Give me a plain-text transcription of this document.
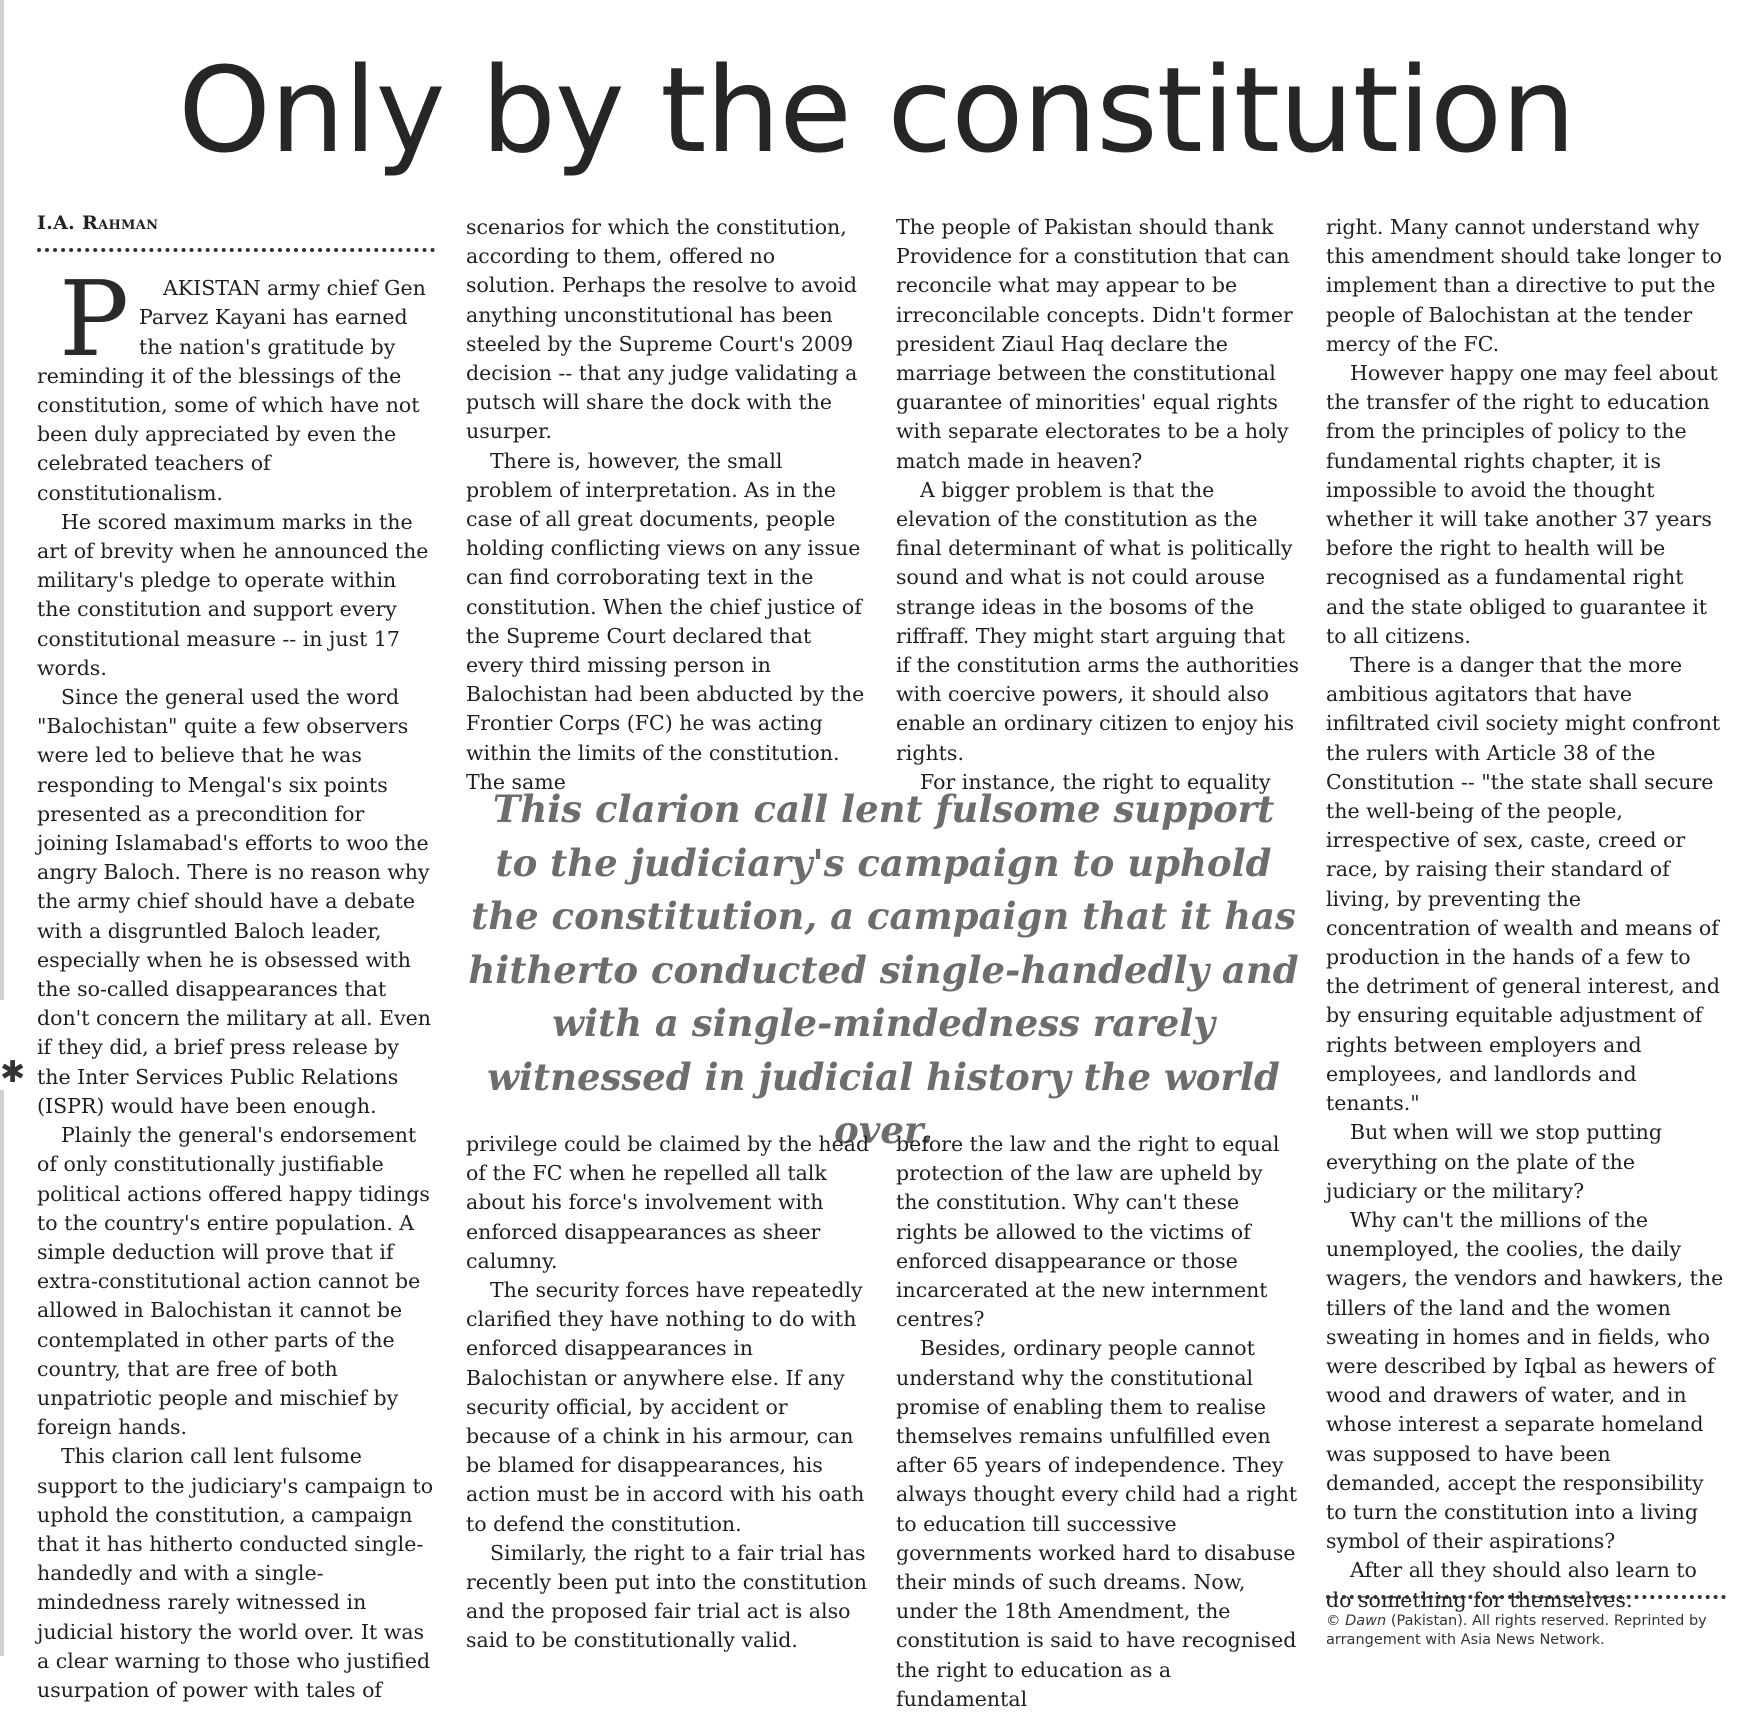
✱
Only by the constitution
I.A. Rahman

P AKISTAN army chief Gen Parvez Kayani has earned the nation's gratitude by reminding it of the blessings of the constitution, some of which have not been duly appreciated by even the celebrated teachers of constitutionalism.

He scored maximum marks in the art of brevity when he announced the military's pledge to operate within the constitution and support every constitutional measure -- in just 17 words.

Since the general used the word "Balochistan" quite a few observers were led to believe that he was responding to Mengal's six points presented as a precondition for joining Islamabad's efforts to woo the angry Baloch. There is no reason why the army chief should have a debate with a disgruntled Baloch leader, especially when he is obsessed with the so-called disappearances that don't concern the military at all. Even if they did, a brief press release by the Inter Services Public Relations (ISPR) would have been enough.

Plainly the general's endorsement of only constitutionally justifiable political actions offered happy tidings to the country's entire population. A simple deduction will prove that if extra-constitutional action cannot be allowed in Balochistan it cannot be contemplated in other parts of the country, that are free of both unpatriotic people and mischief by foreign hands.

This clarion call lent fulsome support to the judiciary's campaign to uphold the constitution, a campaign that it has hitherto conducted single-handedly and with a single-mindedness rarely witnessed in judicial history the world over. It was a clear warning to those who justified usurpation of power with tales of

scenarios for which the constitution, according to them, offered no solution. Perhaps the resolve to avoid anything unconstitutional has been steeled by the Supreme Court's 2009 decision -- that any judge validating a putsch will share the dock with the usurper.

There is, however, the small problem of interpretation. As in the case of all great documents, people holding conflicting views on any issue can find corroborating text in the constitution. When the chief justice of the Supreme Court declared that every third missing person in Balochistan had been abducted by the Frontier Corps (FC) he was acting within the limits of the constitution. The same

The people of Pakistan should thank Providence for a constitution that can reconcile what may appear to be irreconcilable concepts. Didn't former president Ziaul Haq declare the marriage between the constitutional guarantee of minorities' equal rights with separate electorates to be a holy match made in heaven?

A bigger problem is that the elevation of the constitution as the final determinant of what is politically sound and what is not could arouse strange ideas in the bosoms of the riffraff. They might start arguing that if the constitution arms the authorities with coercive powers, it should also enable an ordinary citizen to enjoy his rights.

For instance, the right to equality

This clarion call lent fulsome support to the judiciary's campaign to uphold the constitution, a campaign that it has hitherto conducted single-handedly and with a single-mindedness rarely witnessed in judicial history the world over.

privilege could be claimed by the head of the FC when he repelled all talk about his force's involvement with enforced disappearances as sheer calumny.

The security forces have repeatedly clarified they have nothing to do with enforced disappearances in Balochistan or anywhere else. If any security official, by accident or because of a chink in his armour, can be blamed for disappearances, his action must be in accord with his oath to defend the constitution.

Similarly, the right to a fair trial has recently been put into the constitution and the proposed fair trial act is also said to be constitutionally valid.

before the law and the right to equal protection of the law are upheld by the constitution. Why can't these rights be allowed to the victims of enforced disappearance or those incarcerated at the new internment centres?

Besides, ordinary people cannot understand why the constitutional promise of enabling them to realise themselves remains unfulfilled even after 65 years of independence. They always thought every child had a right to education till successive governments worked hard to disabuse their minds of such dreams. Now, under the 18th Amendment, the constitution is said to have recognised the right to education as a fundamental

right. Many cannot understand why this amendment should take longer to implement than a directive to put the people of Balochistan at the tender mercy of the FC.

However happy one may feel about the transfer of the right to education from the principles of policy to the fundamental rights chapter, it is impossible to avoid the thought whether it will take another 37 years before the right to health will be recognised as a fundamental right and the state obliged to guarantee it to all citizens.

There is a danger that the more ambitious agitators that have infiltrated civil society might confront the rulers with Article 38 of the Constitution -- "the state shall secure the well-being of the people, irrespective of sex, caste, creed or race, by raising their standard of living, by preventing the concentration of wealth and means of production in the hands of a few to the detriment of general interest, and by ensuring equitable adjustment of rights between employers and employees, and landlords and tenants."

But when will we stop putting everything on the plate of the judiciary or the military?

Why can't the millions of the unemployed, the coolies, the daily wagers, the vendors and hawkers, the tillers of the land and the women sweating in homes and in fields, who were described by Iqbal as hewers of wood and drawers of water, and in whose interest a separate homeland was supposed to have been demanded, accept the responsibility to turn the constitution into a living symbol of their aspirations?

After all they should also learn to do something for themselves.

© Dawn (Pakistan). All rights reserved. Reprinted by arrangement with Asia News Network.
